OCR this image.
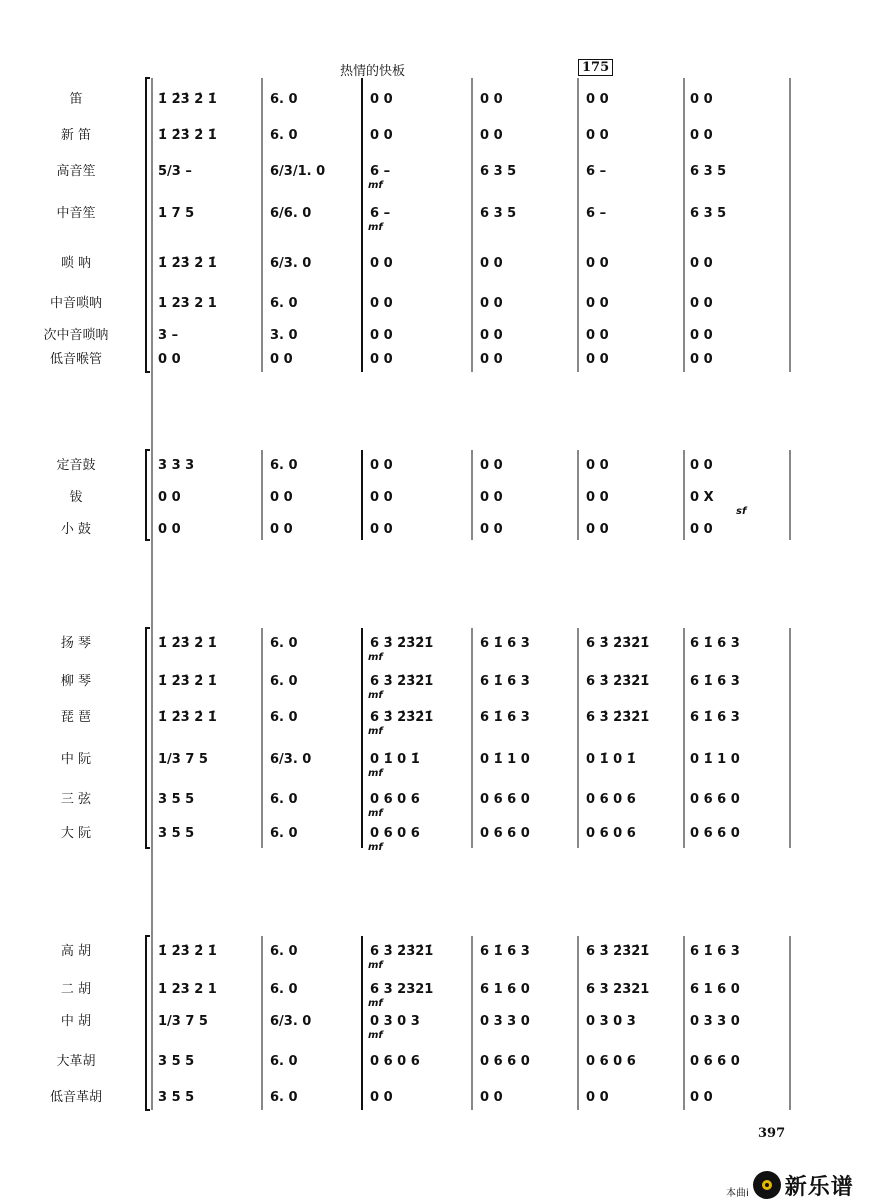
热情的快板	175
笛	1̇ 2̇3̇ 2̇ 1̇	6. 0	0 0	0 0	0 0	0 0
新 笛	1̇ 2̇3̇ 2̇ 1̇	6. 0	0 0	0 0	0 0	0 0
高音笙	5/3 –	6/3/1. 0	6 –	6 3 5	6 –	6 3 5
mf
中音笙	1 7 5	6/6. 0	6 –	6 3 5	6 –	6 3 5
mf
唢 呐	1̇ 2̇3̇ 2̇ 1̇	6/3. 0	0 0	0 0	0 0	0 0
中音唢呐	1 23 2 1	6. 0	0 0	0 0	0 0	0 0
次中音唢呐	3 –	3. 0	0 0	0 0	0 0	0 0
低音喉管	0 0	0 0	0 0	0 0	0 0	0 0
定音鼓	3 3 3	6. 0	0 0	0 0	0 0	0 0
钹	0 0	0 0	0 0	0 0	0 0	0 X
sf
小 鼓	0 0	0 0	0 0	0 0	0 0	0 0
扬 琴	1̇ 2̇3̇ 2̇ 1̇	6. 0	6 3̇ 2̇3̇2̇1̇	6 1̇ 6 3	6 3̇ 2̇3̇2̇1̇	6 1̇ 6 3
mf
柳 琴	1̇ 2̇3̇ 2̇ 1̇	6. 0	6 3̇ 2̇3̇2̇1̇	6 1̇ 6 3	6 3̇ 2̇3̇2̇1̇	6 1̇ 6 3
mf
琵 琶	1̇ 2̇3̇ 2̇ 1̇	6. 0	6 3̇ 2̇3̇2̇1̇	6 1̇ 6 3	6 3̇ 2̇3̇2̇1̇	6 1̇ 6 3
mf
中 阮	1/3 7 5	6/3. 0	0 1̇ 0 1̇	0 1̇ 1 0	0 1̇ 0 1̇	0 1̇ 1 0
mf
三 弦	3 5 5	6. 0	0 6 0 6	0 6 6 0	0 6 0 6	0 6 6 0
mf
大 阮	3 5 5	6. 0	0 6 0 6	0 6 6 0	0 6 0 6	0 6 6 0
mf
高 胡	1̇ 2̇3̇ 2̇ 1̇	6. 0	6 3̇ 2̇3̇2̇1̇	6 1̇ 6 3	6 3̇ 2̇3̇2̇1̇	6 1̇ 6 3
mf
二 胡	1 23 2 1	6. 0	6 3 2321	6 1 6 0	6 3 2321	6 1 6 0
mf
中 胡	1/3 7 5	6/3. 0	0 3 0 3	0 3 3 0	0 3 0 3	0 3 3 0
mf
大革胡	3 5 5	6. 0	0 6 0 6	0 6 6 0	0 6 0 6	0 6 6 0
低音革胡	3 5 5	6. 0	0 0	0 0	0 0	0 0
397
本曲i 新乐谱
